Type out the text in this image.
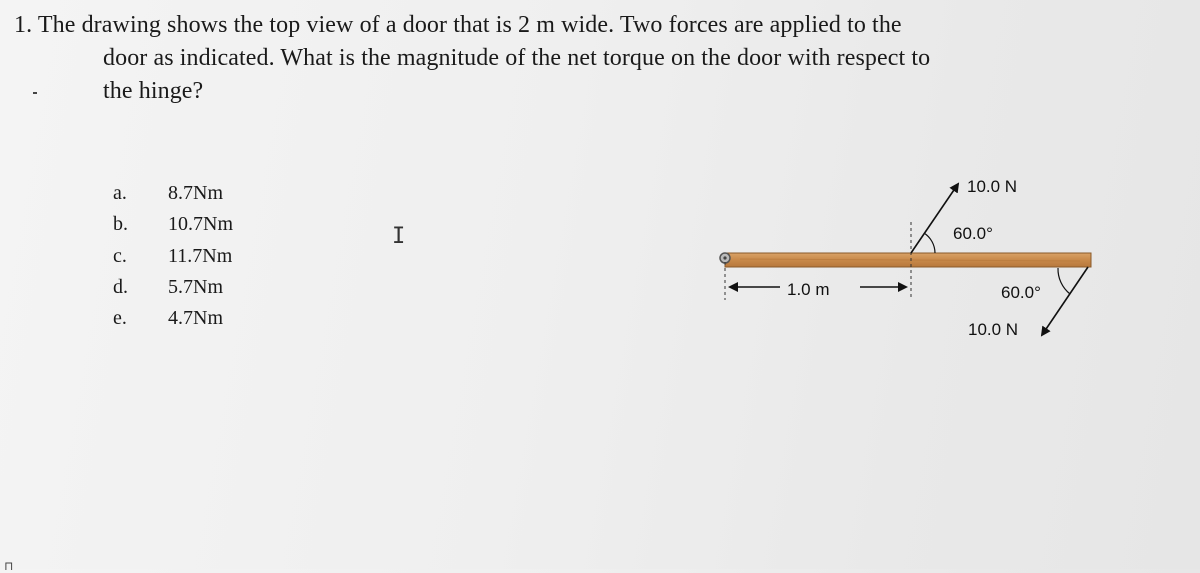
1. The drawing shows the top view of a door that is 2 m wide. Two forces are applied to the
door as indicated. What is the magnitude of the net torque on the door with respect to
the hinge?
a. 8.7Nm
b. 10.7Nm
c. 11.7Nm
d. 5.7Nm
e. 4.7Nm
I
10.0 N
60.0°
1.0 m	60.0°
10.0 N
⊓
